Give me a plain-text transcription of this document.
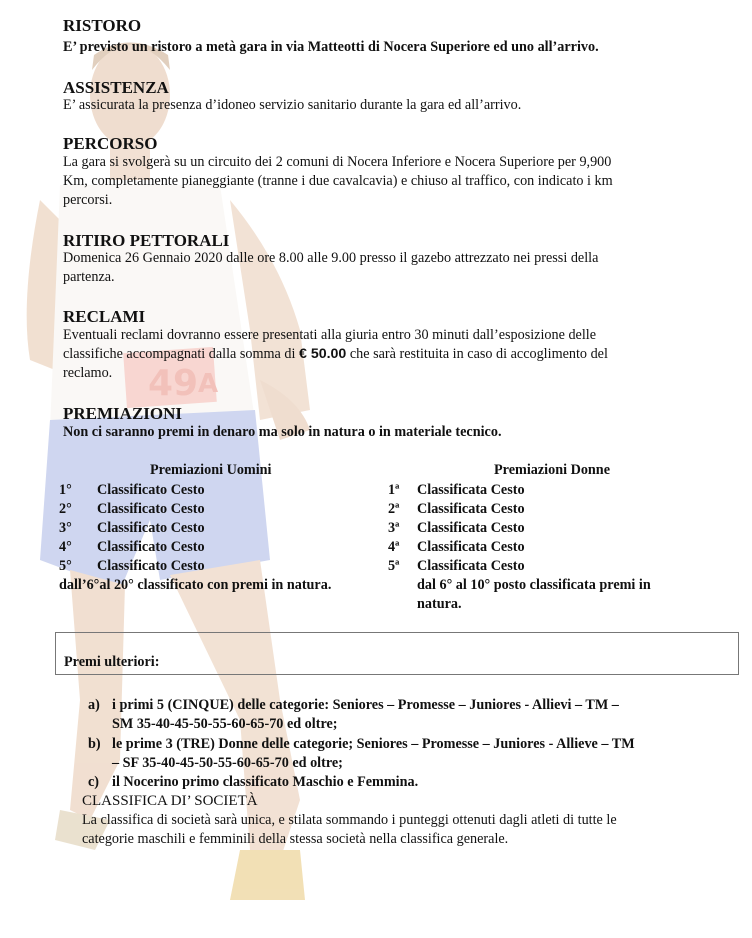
49 A
RISTORO
E’ previsto un ristoro a metà gara in via Matteotti di Nocera Superiore ed uno all’arrivo.
ASSISTENZA
E’ assicurata la presenza d’idoneo servizio sanitario durante la gara ed all’arrivo.
PERCORSO
La gara si svolgerà su un circuito dei 2 comuni di Nocera Inferiore e Nocera Superiore per 9,900
Km, completamente pianeggiante (tranne i due cavalcavia) e chiuso al traffico, con indicato i km
percorsi.
RITIRO PETTORALI
Domenica 26 Gennaio 2020 dalle ore 8.00 alle 9.00 presso il gazebo attrezzato nei pressi della
partenza.
RECLAMI
Eventuali reclami dovranno essere presentati alla giuria entro 30 minuti dall’esposizione delle
classifiche accompagnati dalla somma di € 50.00 che sarà restituita in caso di accoglimento del
reclamo.
PREMIAZIONI
Non ci saranno premi in denaro ma solo in natura o in materiale tecnico.
Premiazioni Uomini
1° Classificato Cesto
2° Classificato Cesto
3° Classificato Cesto
4° Classificato Cesto
5° Classificato Cesto
dall’6°al 20° classificato con premi in natura.
Premiazioni Donne
1ª Classificata Cesto
2ª Classificata Cesto
3ª Classificata Cesto
4ª Classificata Cesto
5ª Classificata Cesto
dal 6° al 10° posto classificata premi in
natura.
Premi ulteriori:
a) i primi 5 (CINQUE) delle categorie: Seniores – Promesse – Juniores - Allievi – TM –
SM 35-40-45-50-55-60-65-70 ed oltre;
b) le prime 3 (TRE) Donne delle categorie; Seniores – Promesse – Juniores - Allieve – TM
– SF 35-40-45-50-55-60-65-70 ed oltre;
c) il Nocerino primo classificato Maschio e Femmina.
CLASSIFICA DI’ SOCIETÀ
La classifica di società sarà unica, e stilata sommando i punteggi ottenuti dagli atleti di tutte le
categorie maschili e femminili della stessa società nella classifica generale.
